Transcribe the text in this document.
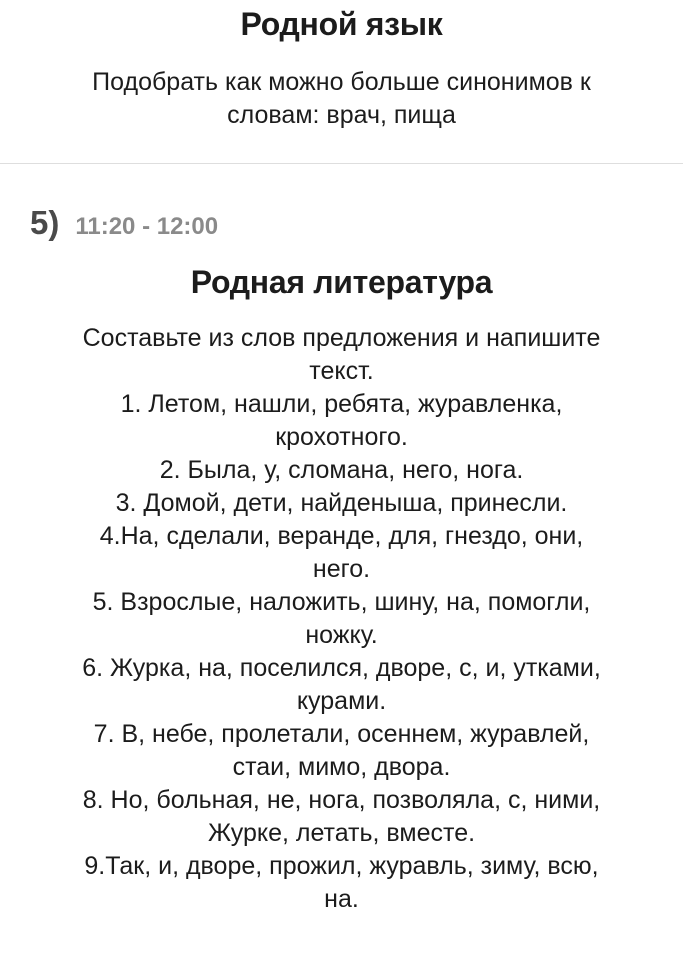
Родной язык

Подобрать как можно больше синонимов к
словам: врач, пища

5) 11:20 - 12:00
Родная литература

Составьте из слов предложения и напишите
текст.
1. Летом, нашли, ребята, журавленка,
крохотного.
2. Была, у, сломана, него, нога.
3. Домой, дети, найденыша, принесли.
4.На, сделали, веранде, для, гнездо, они,
него.
5. Взрослые, наложить, шину, на, помогли,
ножку.
6. Журка, на, поселился, дворе, с, и, утками,
курами.
7. В, небе, пролетали, осеннем, журавлей,
стаи, мимо, двора.
8. Но, больная, не, нога, позволяла, с, ними,
Журке, летать, вместе.
9.Так, и, дворе, прожил, журавль, зиму, всю,
на.
